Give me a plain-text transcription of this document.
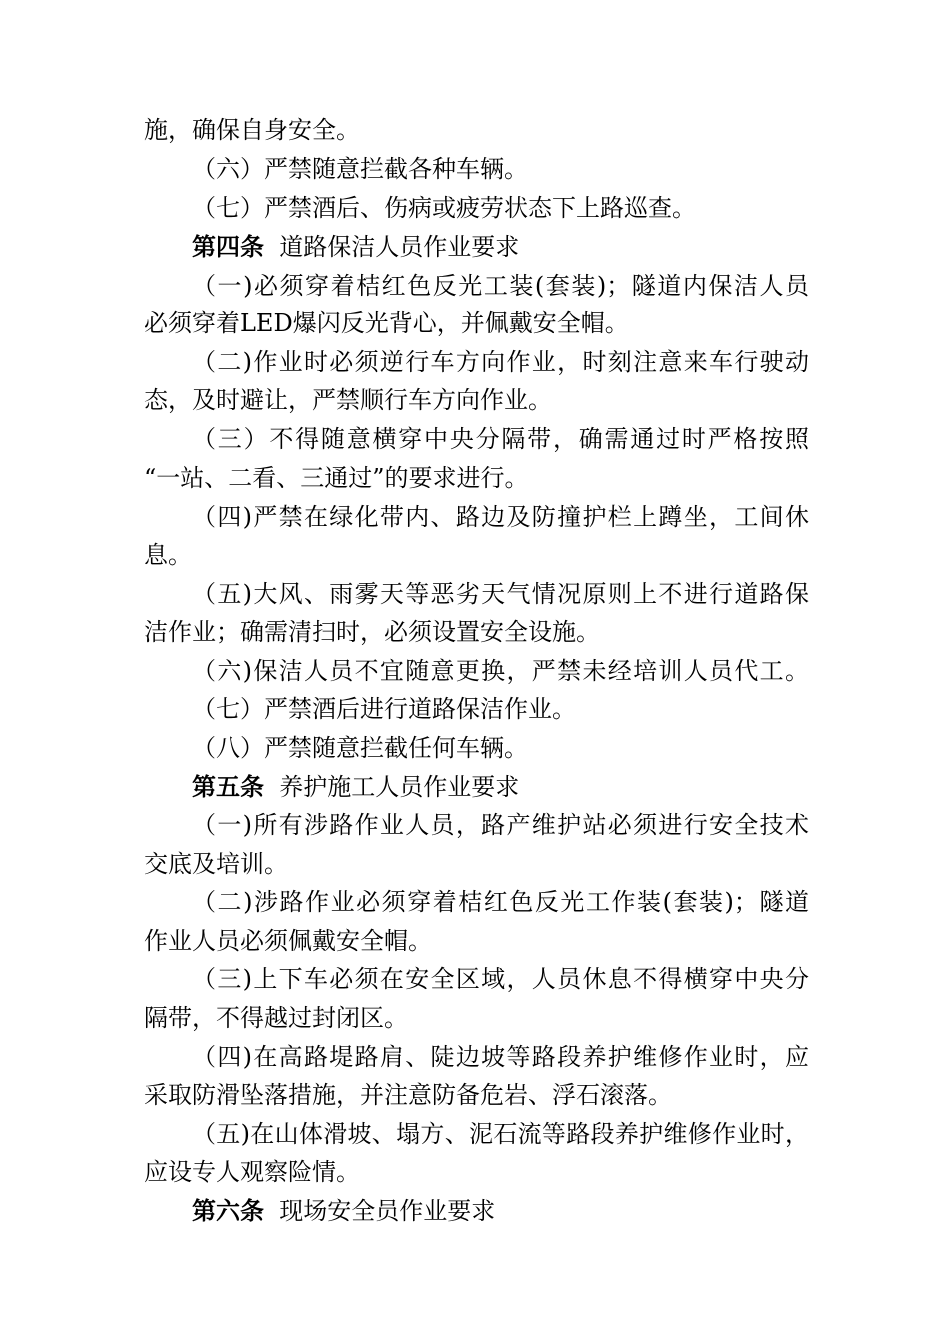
施，确保自身安全。
（六）严禁随意拦截各种车辆。
（七）严禁酒后、伤病或疲劳状态下上路巡查。
第四条 道路保洁人员作业要求
（一)必须穿着桔红色反光工装(套装)；隧道内保洁人员
必须穿着LED爆闪反光背心，并佩戴安全帽。
（二)作业时必须逆行车方向作业，时刻注意来车行驶动
态，及时避让，严禁顺行车方向作业。
（三）不得随意横穿中央分隔带，确需通过时严格按照
“一站、二看、三通过”的要求进行。
（四)严禁在绿化带内、路边及防撞护栏上蹲坐，工间休
息。
（五)大风、雨雾天等恶劣天气情况原则上不进行道路保
洁作业；确需清扫时，必须设置安全设施。
（六)保洁人员不宜随意更换，严禁未经培训人员代工。
（七）严禁酒后进行道路保洁作业。
（八）严禁随意拦截任何车辆。
第五条 养护施工人员作业要求
（一)所有涉路作业人员，路产维护站必须进行安全技术
交底及培训。
（二)涉路作业必须穿着桔红色反光工作装(套装)；隧道
作业人员必须佩戴安全帽。
（三)上下车必须在安全区域，人员休息不得横穿中央分
隔带，不得越过封闭区。
（四)在高路堤路肩、陡边坡等路段养护维修作业时，应
采取防滑坠落措施，并注意防备危岩、浮石滚落。
（五)在山体滑坡、塌方、泥石流等路段养护维修作业时，
应设专人观察险情。
第六条 现场安全员作业要求
